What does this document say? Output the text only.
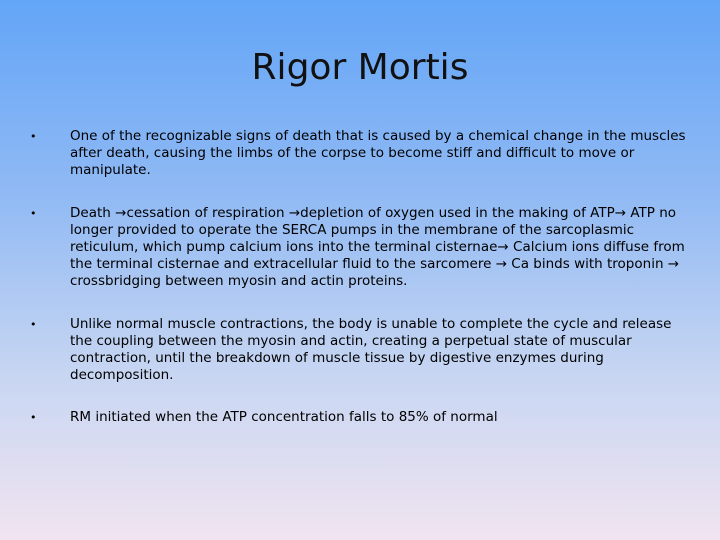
Rigor Mortis
• One of the recognizable signs of death that is caused by a chemical change in the muscles after death, causing the limbs of the corpse to become stiff and difficult to move or manipulate.
• Death →cessation of respiration →depletion of oxygen used in the making of ATP→ ATP no longer provided to operate the SERCA pumps in the membrane of the sarcoplasmic reticulum, which pump calcium ions into the terminal cisternae→ Calcium ions diffuse from the terminal cisternae and extracellular fluid to the sarcomere → Ca binds with troponin → crossbridging between myosin and actin proteins.
• Unlike normal muscle contractions, the body is unable to complete the cycle and release the coupling between the myosin and actin, creating a perpetual state of muscular contraction, until the breakdown of muscle tissue by digestive enzymes during decomposition.
• RM initiated when the ATP concentration falls to 85% of normal
